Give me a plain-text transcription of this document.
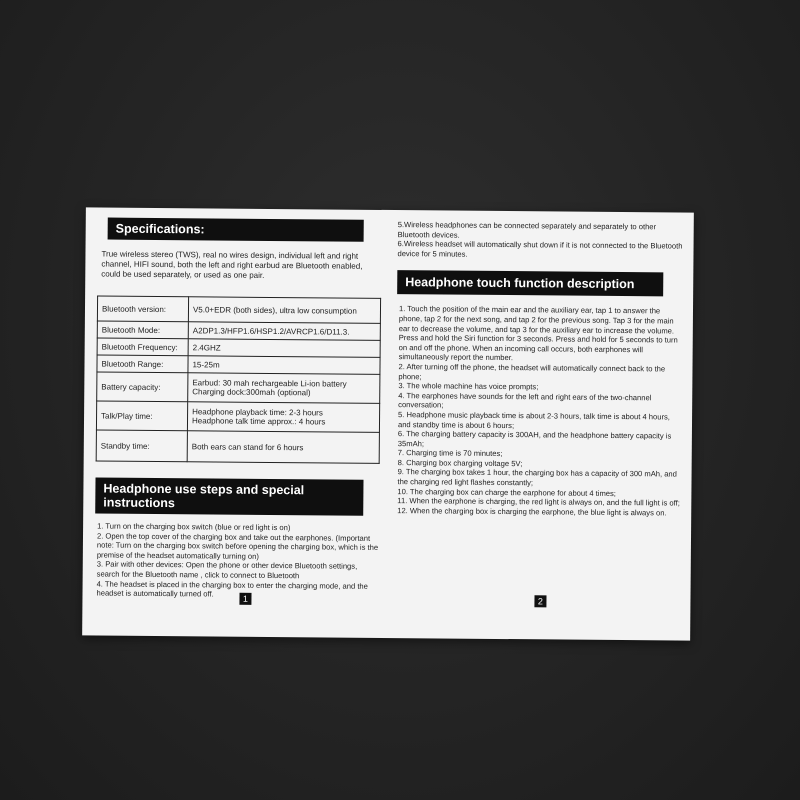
Specifications:
True wireless stereo (TWS), real no wires design, individual left and right channel, HIFI sound, both the left and right earbud are Bluetooth enabled, could be used separately, or used as one pair.
Bluetooth version:	V5.0+EDR (both sides), ultra low consumption
Bluetooth Mode:	A2DP1.3/HFP1.6/HSP1.2/AVRCP1.6/D11.3.
Bluetooth Frequency:	2.4GHZ
Bluetooth Range:	15-25m
Battery capacity:	Earbud: 30 mah rechargeable Li-ion battery
Charging dock:300mah (optional)
Talk/Play time:	Headphone playback time: 2-3 hours
Headphone talk time approx.: 4 hours
Standby time:	Both ears can stand for 6 hours
Headphone use steps and special instructions
1. Turn on the charging box switch (blue or red light is on)
2. Open the top cover of the charging box and take out the earphones. (Important note: Turn on the charging box switch before opening the charging box, which is the premise of the headset automatically turning on)
3. Pair with other devices: Open the phone or other device Bluetooth settings, search for the Bluetooth name , click to connect to Bluetooth
4. The headset is placed in the charging box to enter the charging mode, and the headset is automatically turned off.
1
5.Wireless headphones can be connected separately and separately to other Bluetooth devices.
6.Wireless headset will automatically shut down if it is not connected to the Bluetooth device for 5 minutes.
Headphone touch function description
1. Touch the position of the main ear and the auxiliary ear, tap 1 to answer the phone, tap 2 for the next song, and tap 2 for the previous song. Tap 3 for the main ear to decrease the volume, and tap 3 for the auxiliary ear to increase the volume. Press and hold the Siri function for 3 seconds. Press and hold for 5 seconds to turn on and off the phone. When an incoming call occurs, both earphones will simultaneously report the number.
2. After turning off the phone, the headset will automatically connect back to the phone;
3. The whole machine has voice prompts;
4. The earphones have sounds for the left and right ears of the two-channel conversation;
5. Headphone music playback time is about 2-3 hours, talk time is about 4 hours, and standby time is about 6 hours;
6. The charging battery capacity is 300AH, and the headphone battery capacity is 35mAh;
7. Charging time is 70 minutes;
8. Charging box charging voltage 5V;
9. The charging box takes 1 hour, the charging box has a capacity of 300 mAh, and the charging red light flashes constantly;
10. The charging box can charge the earphone for about 4 times;
11. When the earphone is charging, the red light is always on, and the full light is off;
12. When the charging box is charging the earphone, the blue light is always on.
2
